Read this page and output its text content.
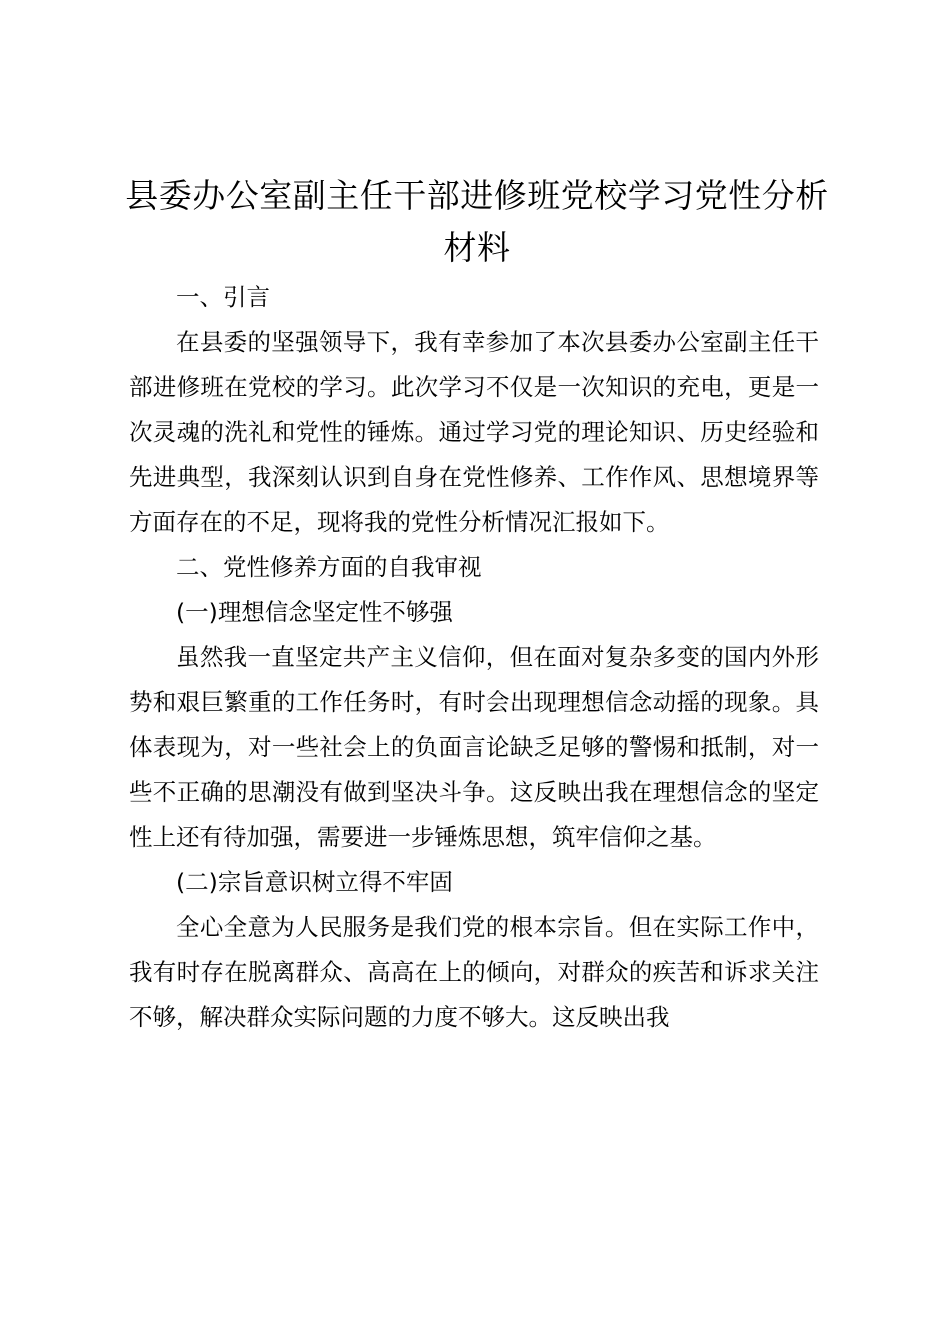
县委办公室副主任干部进修班党校学习党性分析材料

一、引言

在县委的坚强领导下，我有幸参加了本次县委办公室副主任干部进修班在党校的学习。此次学习不仅是一次知识的充电，更是一次灵魂的洗礼和党性的锤炼。通过学习党的理论知识、历史经验和先进典型，我深刻认识到自身在党性修养、工作作风、思想境界等方面存在的不足，现将我的党性分析情况汇报如下。

二、党性修养方面的自我审视

(一)理想信念坚定性不够强

虽然我一直坚定共产主义信仰，但在面对复杂多变的国内外形势和艰巨繁重的工作任务时，有时会出现理想信念动摇的现象。具体表现为，对一些社会上的负面言论缺乏足够的警惕和抵制，对一些不正确的思潮没有做到坚决斗争。这反映出我在理想信念的坚定性上还有待加强，需要进一步锤炼思想，筑牢信仰之基。

(二)宗旨意识树立得不牢固

全心全意为人民服务是我们党的根本宗旨。但在实际工作中，我有时存在脱离群众、高高在上的倾向，对群众的疾苦和诉求关注不够，解决群众实际问题的力度不够大。这反映出我
